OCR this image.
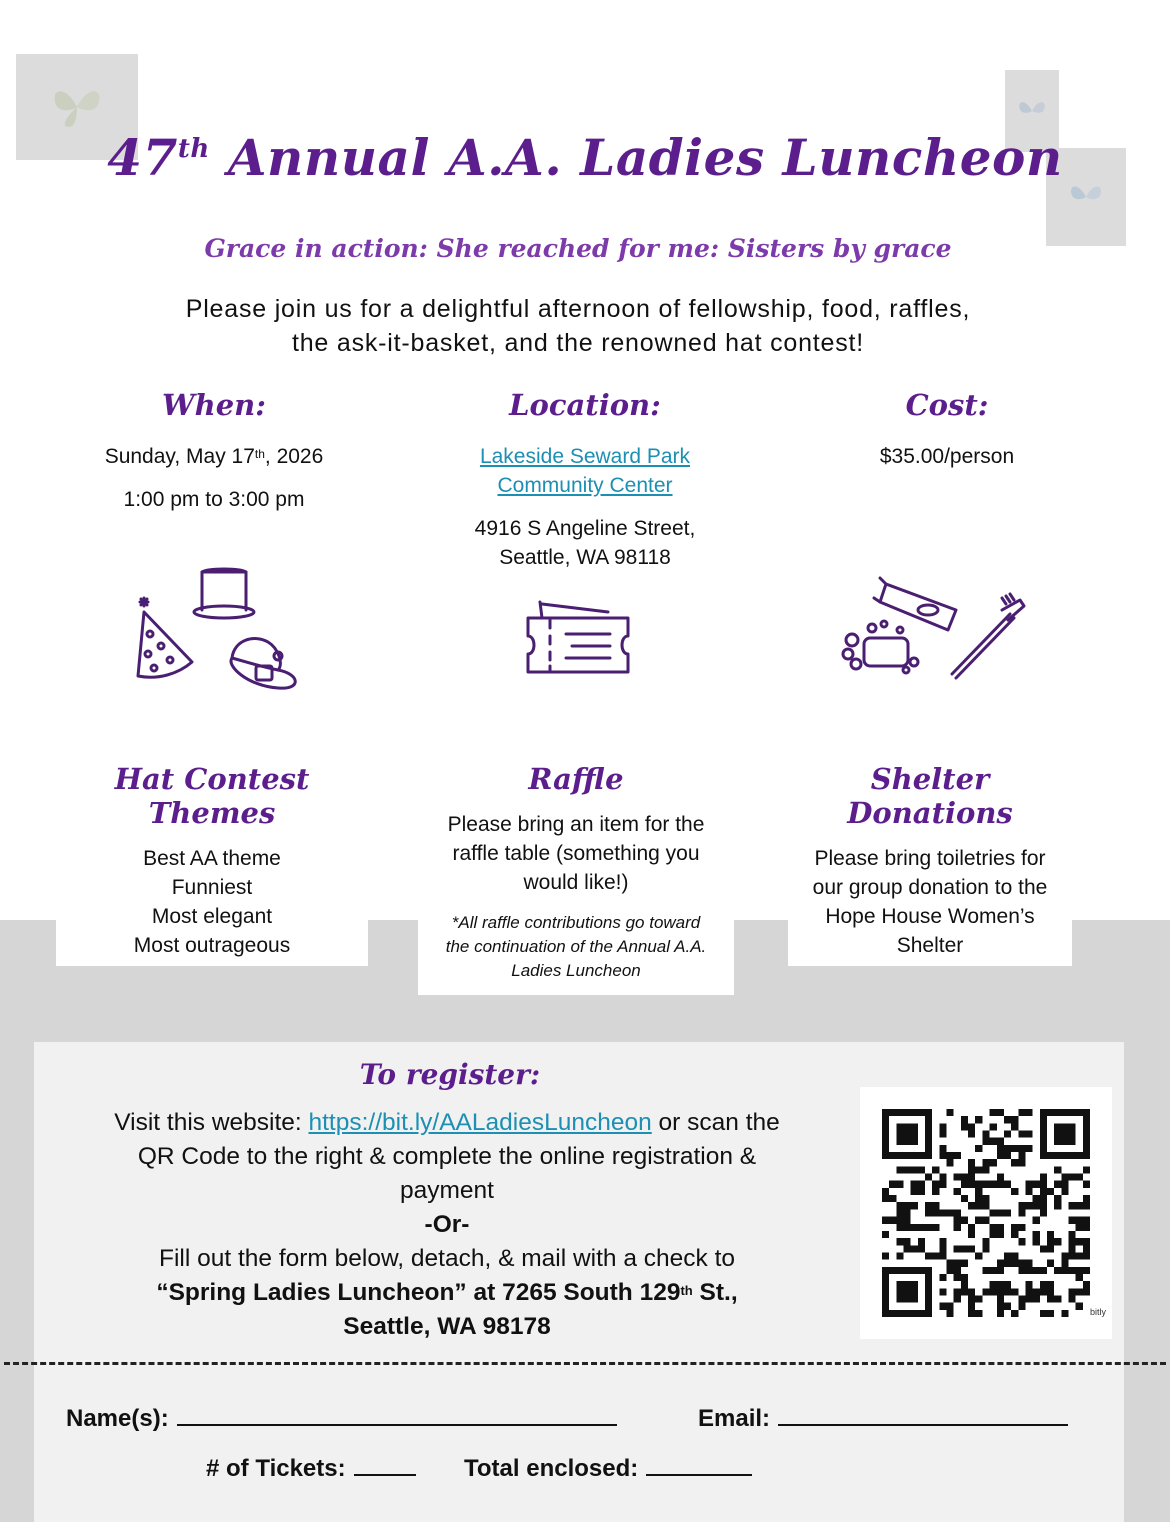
47th Annual A.A. Ladies Luncheon
Grace in action: She reached for me: Sisters by grace
Please join us for a delightful afternoon of fellowship, food, raffles,
the ask-it-basket, and the renowned hat contest!
When:

Sunday, May 17th, 2026

1:00 pm to 3:00 pm

Location:

Lakeside Seward Park
Community Center

4916 S Angeline Street,
Seattle, WA 98118

Cost:

$35.00/person

Hat Contest Themes

Best AA theme

Funniest

Most elegant

Most outrageous

Raffle

Please bring an item for the
raffle table (something you
would like!)

*All raffle contributions go toward
the continuation of the Annual A.A.
Ladies Luncheon

Shelter Donations

Please bring toiletries for
our group donation to the
Hope House Women’s
Shelter

To register:
Visit this website: https://bit.ly/AALadiesLuncheon or scan the
QR Code to the right & complete the online registration &
payment
-Or-
Fill out the form below, detach, & mail with a check to
“Spring Ladies Luncheon” at 7265 South 129th St.,
Seattle, WA 98178
bitly
Name(s):	Email:
# of Tickets:	Total enclosed:
